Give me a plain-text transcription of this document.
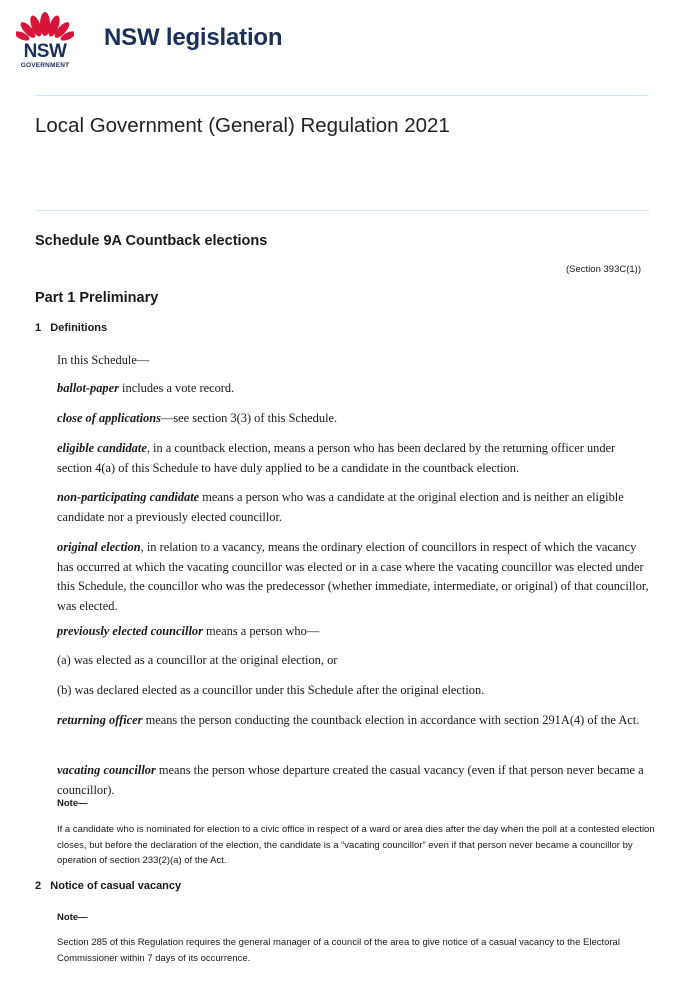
NSW
GOVERNMENT
NSW legislation
Local Government (General) Regulation 2021
Schedule 9A Countback elections
(Section 393C(1))
Part 1 Preliminary
1 Definitions
In this Schedule—
ballot-paper includes a vote record.
close of applications—see section 3(3) of this Schedule.
eligible candidate, in a countback election, means a person who has been declared by the returning officer under section 4(a) of this Schedule to have duly applied to be a candidate in the countback election.
non-participating candidate means a person who was a candidate at the original election and is neither an eligible candidate nor a previously elected councillor.
original election, in relation to a vacancy, means the ordinary election of councillors in respect of which the vacancy has occurred at which the vacating councillor was elected or in a case where the vacating councillor was elected under this Schedule, the councillor who was the predecessor (whether immediate, intermediate, or original) of that councillor, was elected.
previously elected councillor means a person who—
(a) was elected as a councillor at the original election, or
(b) was declared elected as a councillor under this Schedule after the original election.
returning officer means the person conducting the countback election in accordance with section 291A(4) of the Act.
vacating councillor means the person whose departure created the casual vacancy (even if that person never became a councillor).
Note—
If a candidate who is nominated for election to a civic office in respect of a ward or area dies after the day when the poll at a contested election closes, but before the declaration of the election, the candidate is a “vacating councillor” even if that person never became a councillor by operation of section 233(2)(a) of the Act.
2 Notice of casual vacancy
Note—
Section 285 of this Regulation requires the general manager of a council of the area to give notice of a casual vacancy to the Electoral Commissioner within 7 days of its occurrence.
